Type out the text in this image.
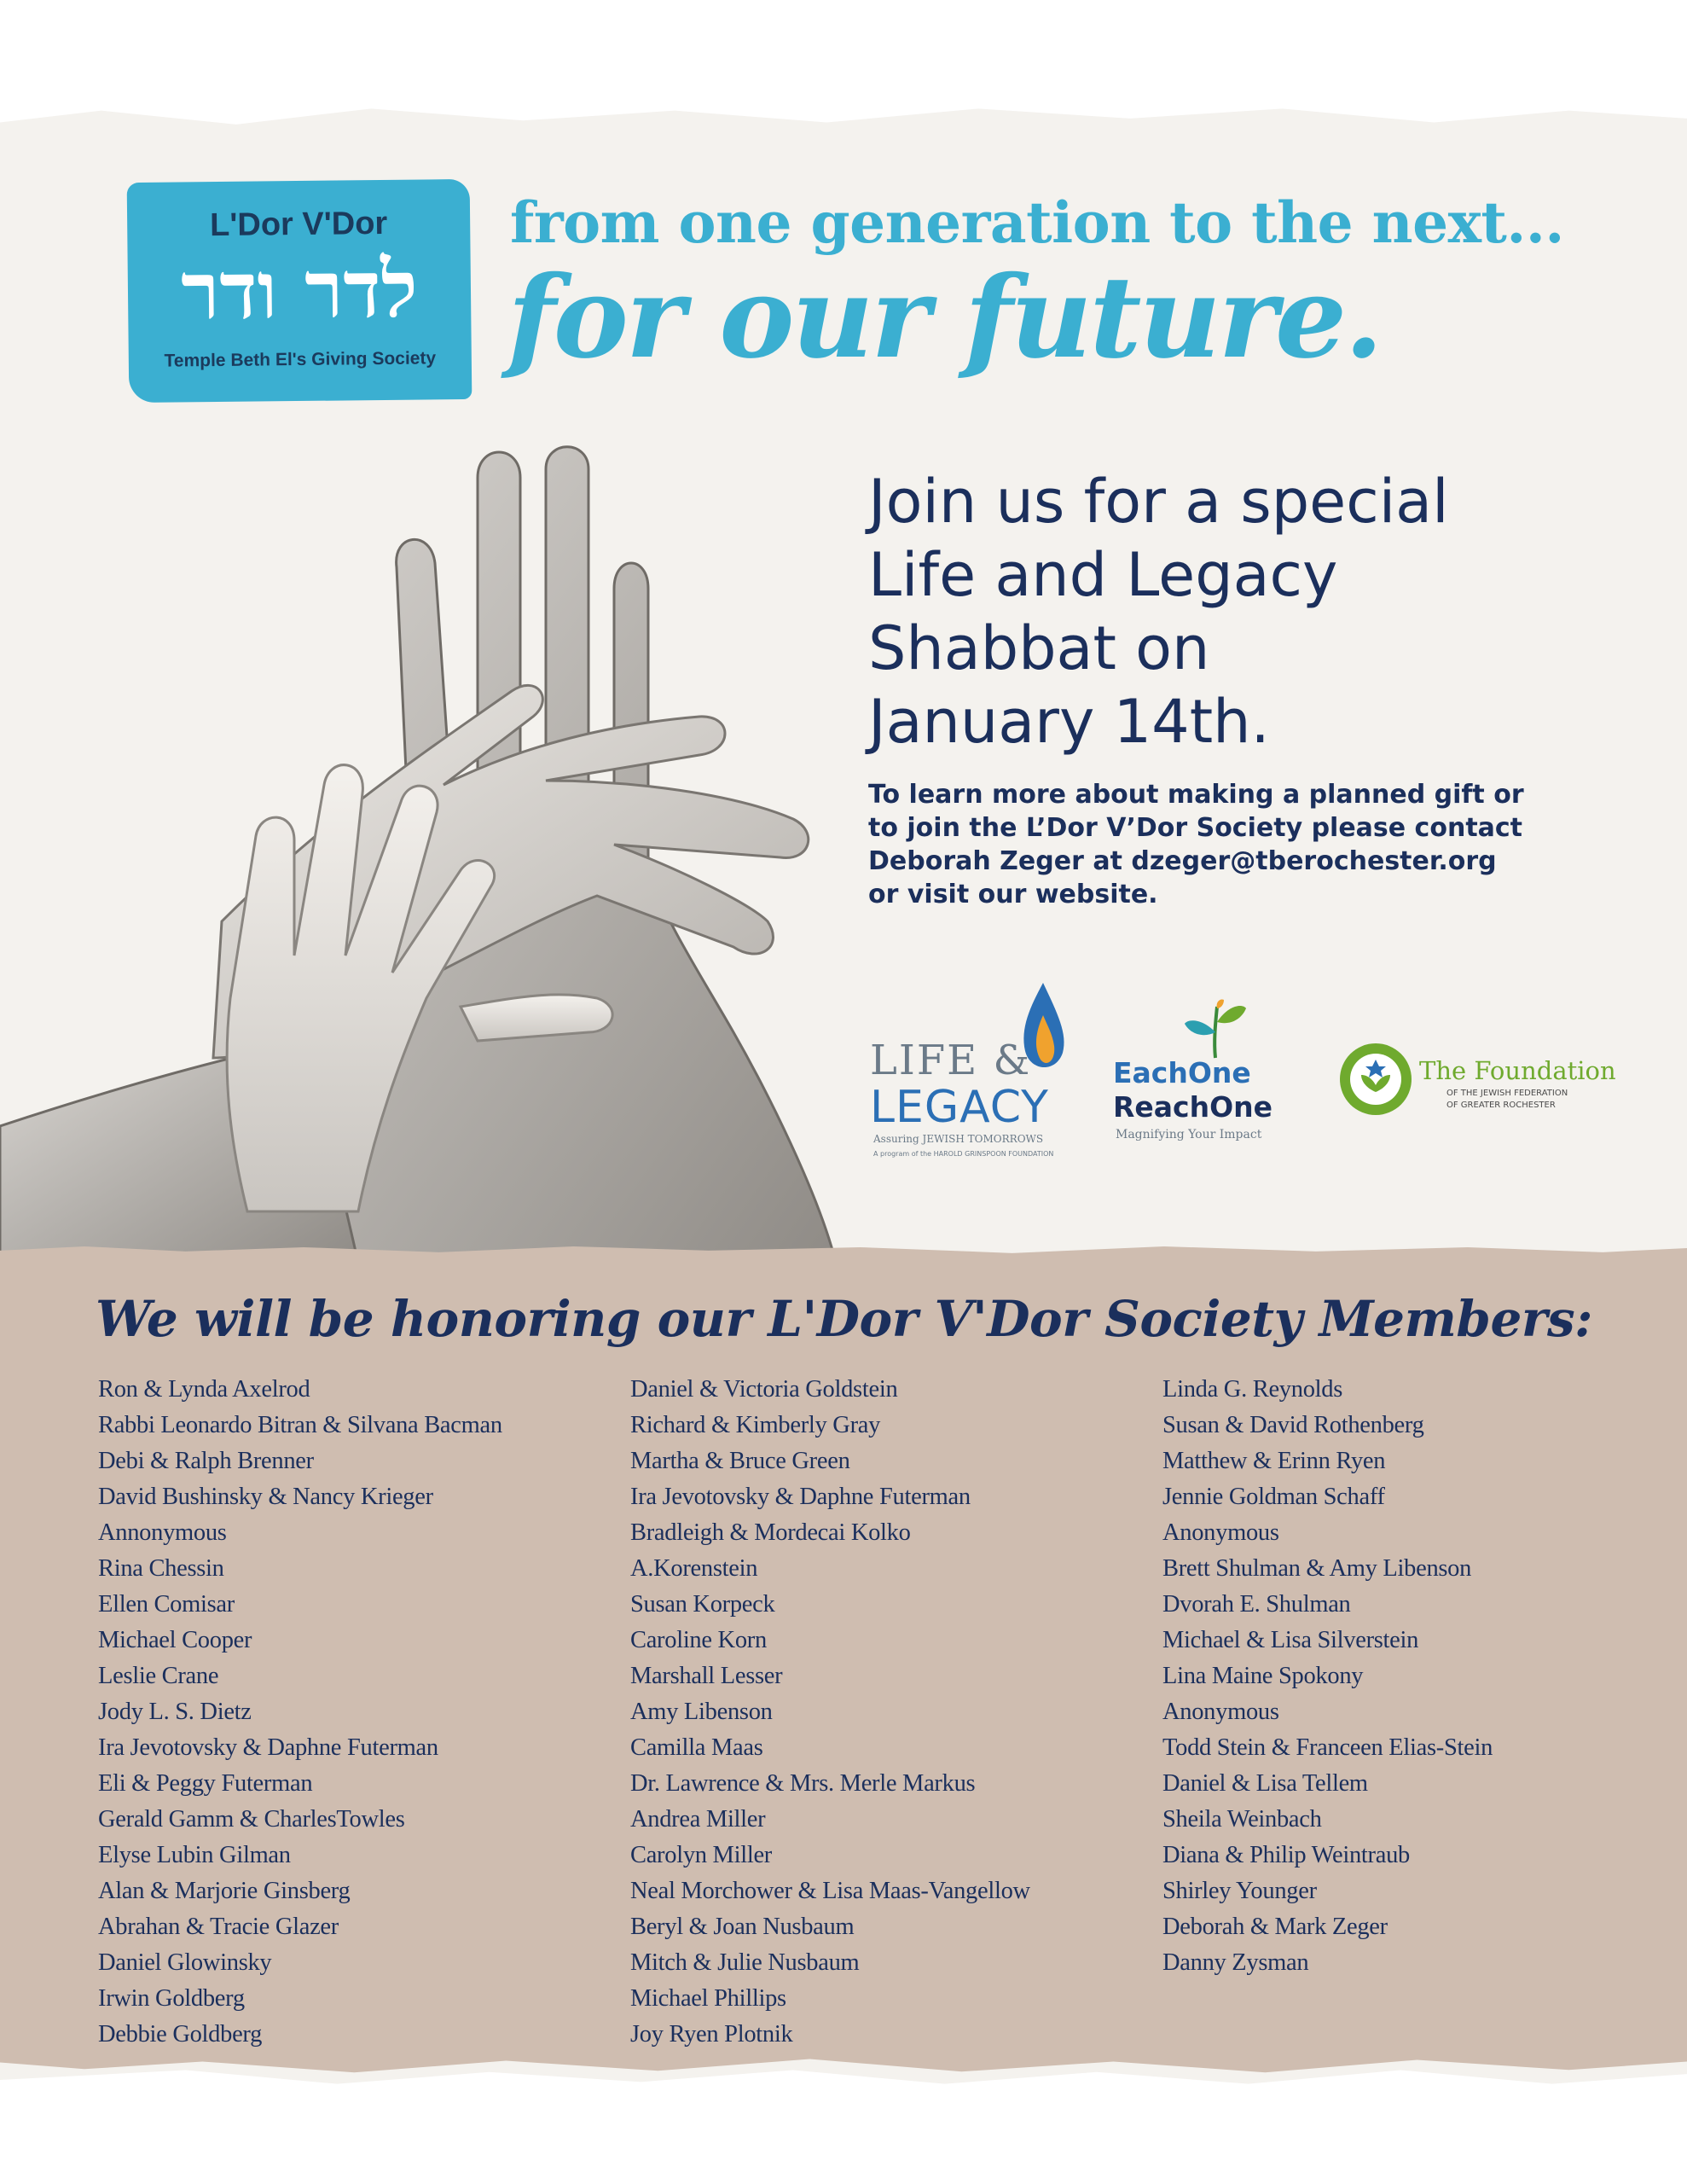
L'Dor V'Dor
לדר ודר
Temple Beth El's Giving Society
from one generation to the next...
for our future.
Join us for a special
Life and Legacy
Shabbat on
January 14th.
To learn more about making a planned gift or
to join the L’Dor V’Dor Society please contact
Deborah Zeger at dzeger@tberochester.org
or visit our website.
LIFE &
LEGACY
Assuring JEWISH TOMORROWS
A program of the HAROLD GRINSPOON FOUNDATION
EachOne
ReachOne
Magnifying Your Impact
The Foundation
OF THE JEWISH FEDERATION
OF GREATER ROCHESTER
We will be honoring our L'Dor V'Dor Society Members:
Ron & Lynda Axelrod
Rabbi Leonardo Bitran & Silvana Bacman
Debi & Ralph Brenner
David Bushinsky & Nancy Krieger
Annonymous
Rina Chessin
Ellen Comisar
Michael Cooper
Leslie Crane
Jody L. S. Dietz
Ira Jevotovsky & Daphne Futerman
Eli & Peggy Futerman
Gerald Gamm & CharlesTowles
Elyse Lubin Gilman
Alan & Marjorie Ginsberg
Abrahan & Tracie Glazer
Daniel Glowinsky
Irwin Goldberg
Debbie Goldberg
Daniel & Victoria Goldstein
Richard & Kimberly Gray
Martha & Bruce Green
Ira Jevotovsky & Daphne Futerman
Bradleigh & Mordecai Kolko
A.Korenstein
Susan Korpeck
Caroline Korn
Marshall Lesser
Amy Libenson
Camilla Maas
Dr. Lawrence & Mrs. Merle Markus
Andrea Miller
Carolyn Miller
Neal Morchower & Lisa Maas-Vangellow
Beryl & Joan Nusbaum
Mitch & Julie Nusbaum
Michael Phillips
Joy Ryen Plotnik
Linda G. Reynolds
Susan & David Rothenberg
Matthew & Erinn Ryen
Jennie Goldman Schaff
Anonymous
Brett Shulman & Amy Libenson
Dvorah E. Shulman
Michael & Lisa Silverstein
Lina Maine Spokony
Anonymous
Todd Stein & Franceen Elias-Stein
Daniel & Lisa Tellem
Sheila Weinbach
Diana & Philip Weintraub
Shirley Younger
Deborah & Mark Zeger
Danny Zysman
